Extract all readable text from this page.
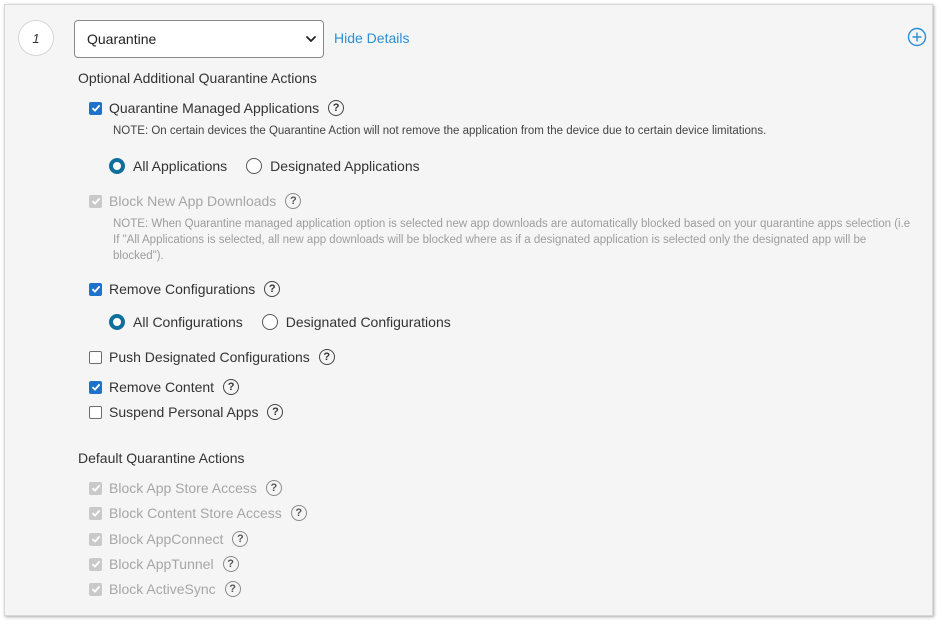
1	Quarantine	Hide Details
Optional Additional Quarantine Actions
Quarantine Managed Applications	?
NOTE: On certain devices the Quarantine Action will not remove the application from the device due to certain device limitations.
All Applications	Designated Applications
Block New App Downloads	?
NOTE: When Quarantine managed application option is selected new app downloads are automatically blocked based on your quarantine apps selection (i.e If "All Applications is selected, all new app downloads will be blocked where as if a designated application is selected only the designated app will be blocked").
Remove Configurations	?
All Configurations	Designated Configurations
Push Designated Configurations	?
Remove Content	?
Suspend Personal Apps	?
Default Quarantine Actions
Block App Store Access	?
Block Content Store Access	?
Block AppConnect	?
Block AppTunnel	?
Block ActiveSync	?
